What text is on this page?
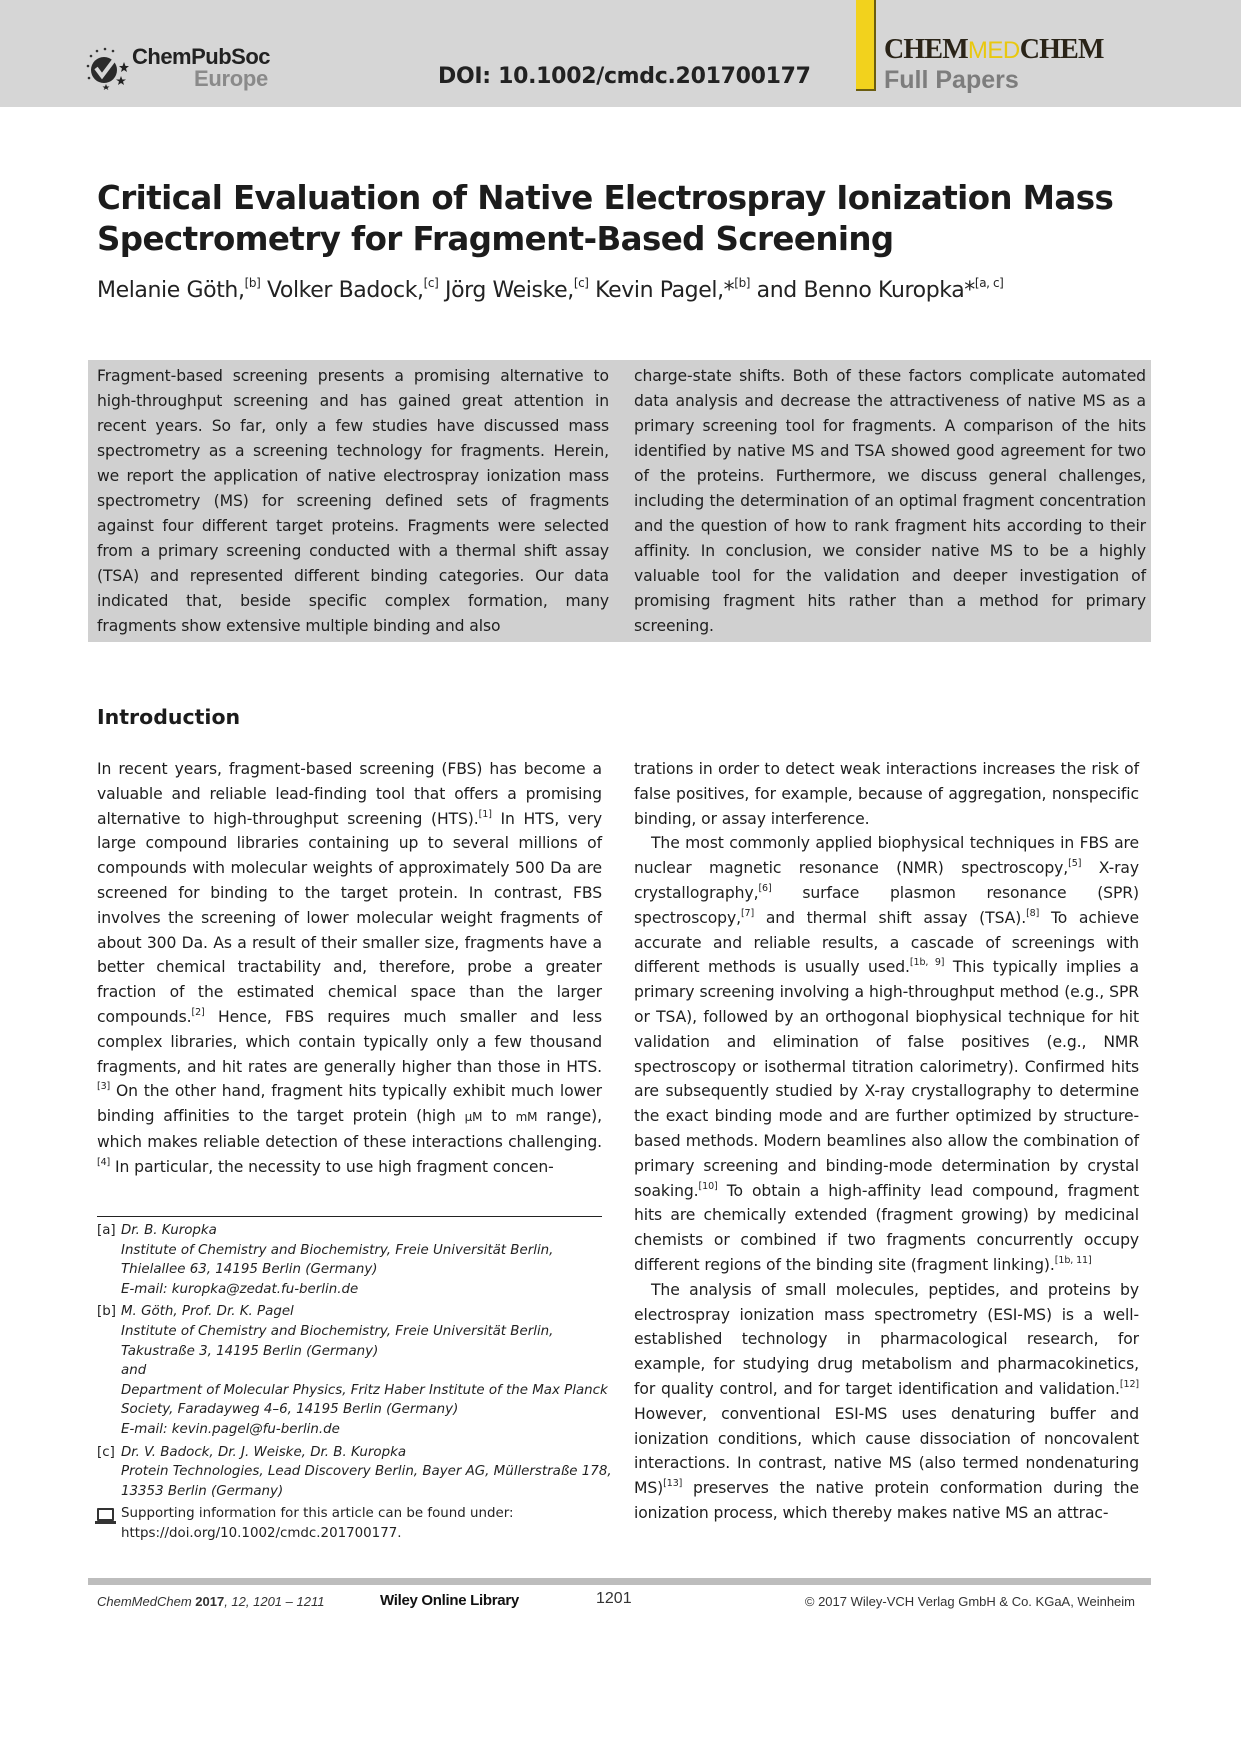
ChemPubSoc
Europe	DOI: 10.1002/cmdc.201700177
CHEMMEDCHEM
Full Papers
Critical Evaluation of Native Electrospray Ionization Mass Spectrometry for Fragment-Based Screening
Melanie Göth,[b] Volker Badock,[c] Jörg Weiske,[c] Kevin Pagel,*[b] and Benno Kuropka*[a, c]

Fragment-based screening presents a promising alternative to high-throughput screening and has gained great attention in recent years. So far, only a few studies have discussed mass spectrometry as a screening technology for fragments. Herein, we report the application of native electrospray ionization mass spectrometry (MS) for screening defined sets of fragments against four different target proteins. Fragments were selected from a primary screening conducted with a thermal shift assay (TSA) and represented different binding categories. Our data indicated that, beside specific complex formation, many fragments show extensive multiple binding and also

charge-state shifts. Both of these factors complicate automated data analysis and decrease the attractiveness of native MS as a primary screening tool for fragments. A comparison of the hits identified by native MS and TSA showed good agreement for two of the proteins. Furthermore, we discuss general challenges, including the determination of an optimal fragment concentration and the question of how to rank fragment hits according to their affinity. In conclusion, we consider native MS to be a highly valuable tool for the validation and deeper investigation of promising fragment hits rather than a method for primary screening.

Introduction

In recent years, fragment-based screening (FBS) has become a valuable and reliable lead-finding tool that offers a promising alternative to high-throughput screening (HTS).[1] In HTS, very large compound libraries containing up to several millions of compounds with molecular weights of approximately 500 Da are screened for binding to the target protein. In contrast, FBS involves the screening of lower molecular weight fragments of about 300 Da. As a result of their smaller size, fragments have a better chemical tractability and, therefore, probe a greater fraction of the estimated chemical space than the larger compounds.[2] Hence, FBS requires much smaller and less complex libraries, which contain typically only a few thousand fragments, and hit rates are generally higher than those in HTS.[3] On the other hand, fragment hits typically exhibit much lower binding affinities to the target protein (high μM to mM range), which makes reliable detection of these interactions challenging.[4] In particular, the necessity to use high fragment concen-

trations in order to detect weak interactions increases the risk of false positives, for example, because of aggregation, nonspecific binding, or assay interference.

The most commonly applied biophysical techniques in FBS are nuclear magnetic resonance (NMR) spectroscopy,[5] X-ray crystallography,[6] surface plasmon resonance (SPR) spectroscopy,[7] and thermal shift assay (TSA).[8] To achieve accurate and reliable results, a cascade of screenings with different methods is usually used.[1b, 9] This typically implies a primary screening involving a high-throughput method (e.g., SPR or TSA), followed by an orthogonal biophysical technique for hit validation and elimination of false positives (e.g., NMR spectroscopy or isothermal titration calorimetry). Confirmed hits are subsequently studied by X-ray crystallography to determine the exact binding mode and are further optimized by structure-based methods. Modern beamlines also allow the combination of primary screening and binding-mode determination by crystal soaking.[10] To obtain a high-affinity lead compound, fragment hits are chemically extended (fragment growing) by medicinal chemists or combined if two fragments concurrently occupy different regions of the binding site (fragment linking).[1b, 11]

The analysis of small molecules, peptides, and proteins by electrospray ionization mass spectrometry (ESI-MS) is a well-established technology in pharmacological research, for example, for studying drug metabolism and pharmacokinetics, for quality control, and for target identification and validation.[12] However, conventional ESI-MS uses denaturing buffer and ionization conditions, which cause dissociation of noncovalent interactions. In contrast, native MS (also termed nondenaturing MS)[13] preserves the native protein conformation during the ionization process, which thereby makes native MS an attrac-

[a] Dr. B. Kuropka
Institute of Chemistry and Biochemistry, Freie Universität Berlin, Thielallee 63, 14195 Berlin (Germany)
E-mail: kuropka@zedat.fu-berlin.de
[b] M. Göth, Prof. Dr. K. Pagel
Institute of Chemistry and Biochemistry, Freie Universität Berlin, Takustraße 3, 14195 Berlin (Germany)
and
Department of Molecular Physics, Fritz Haber Institute of the Max Planck Society, Faradayweg 4–6, 14195 Berlin (Germany)
E-mail: kevin.pagel@fu-berlin.de
[c] Dr. V. Badock, Dr. J. Weiske, Dr. B. Kuropka
Protein Technologies, Lead Discovery Berlin, Bayer AG, Müllerstraße 178, 13353 Berlin (Germany)
Supporting information for this article can be found under: https://doi.org/10.1002/cmdc.201700177.
ChemMedChem 2017, 12, 1201 – 1211	Wiley Online Library	1201	© 2017 Wiley-VCH Verlag GmbH & Co. KGaA, Weinheim
